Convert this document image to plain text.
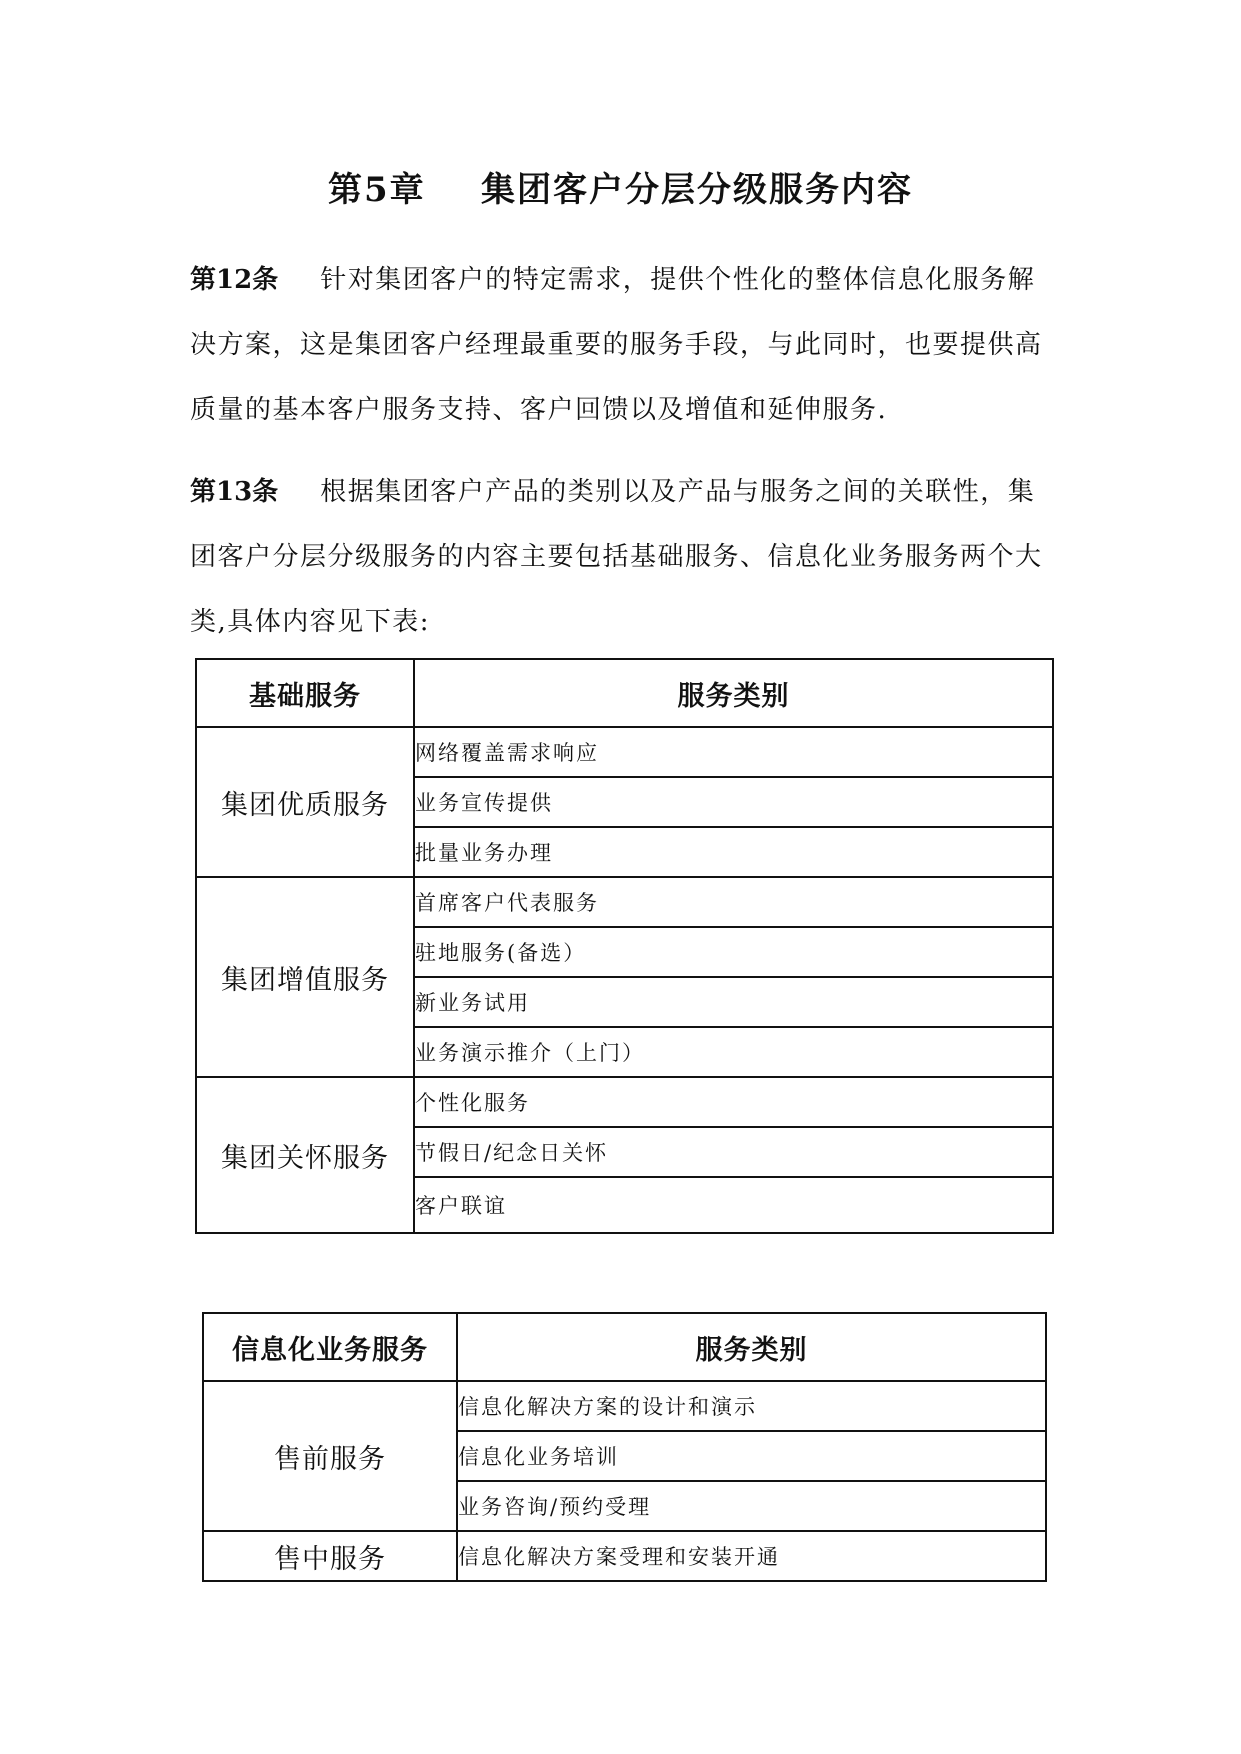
第5章    集团客户分层分级服务内容
第12条 针对集团客户的特定需求，提供个性化的整体信息化服务解决方案，这是集团客户经理最重要的服务手段，与此同时，也要提供高质量的基本客户服务支持、客户回馈以及增值和延伸服务.
第13条 根据集团客户产品的类别以及产品与服务之间的关联性，集团客户分层分级服务的内容主要包括基础服务、信息化业务服务两个大类,具体内容见下表:
基础服务	服务类别
集团优质服务	网络覆盖需求响应
	业务宣传提供
	批量业务办理
集团增值服务	首席客户代表服务
	驻地服务(备选）
	新业务试用
	业务演示推介（上门）
集团关怀服务	个性化服务
	节假日/纪念日关怀
	客户联谊
信息化业务服务	服务类别
售前服务	信息化解决方案的设计和演示
	信息化业务培训
	业务咨询/预约受理
售中服务	信息化解决方案受理和安装开通
